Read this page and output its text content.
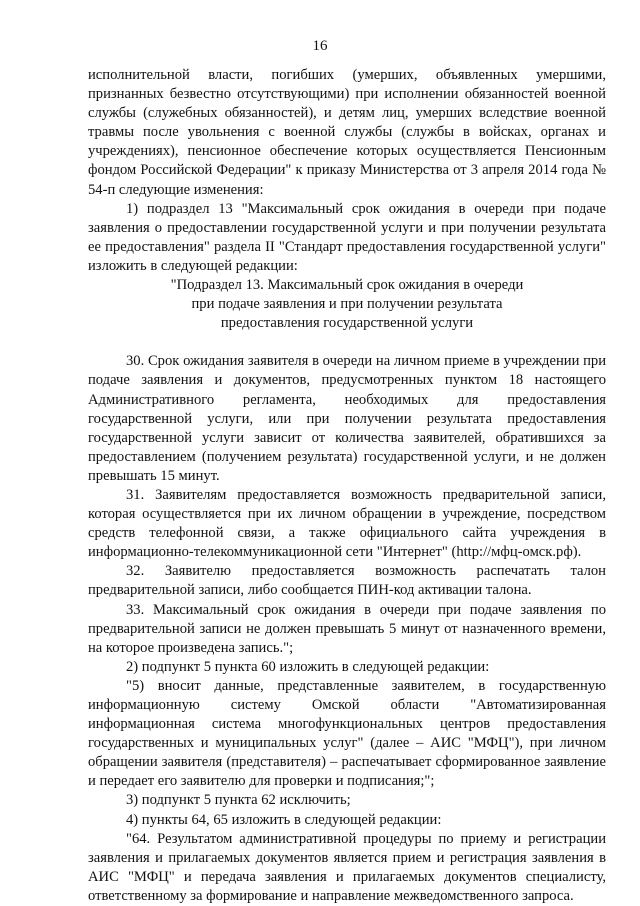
16

исполнительной власти, погибших (умерших, объявленных умершими, признанных безвестно отсутствующими) при исполнении обязанностей военной службы (служебных обязанностей), и детям лиц, умерших вследствие военной травмы после увольнения с военной службы (службы в войсках, органах и учреждениях), пенсионное обеспечение которых осуществляется Пенсионным фондом Российской Федерации" к приказу Министерства от 3 апреля 2014 года № 54-п следующие изменения:

1) подраздел 13 "Максимальный срок ожидания в очереди при подаче заявления о предоставлении государственной услуги и при получении результата ее предоставления" раздела II "Стандарт предоставления государственной услуги" изложить в следующей редакции:

"Подраздел 13. Максимальный срок ожидания в очереди

при подаче заявления и при получении результата

предоставления государственной услуги

30. Срок ожидания заявителя в очереди на личном приеме в учреждении при подаче заявления и документов, предусмотренных пунктом 18 настоящего Административного регламента, необходимых для предоставления государственной услуги, или при получении результата предоставления государственной услуги зависит от количества заявителей, обратившихся за предоставлением (получением результата) государственной услуги, и не должен превышать 15 минут.

31. Заявителям предоставляется возможность предварительной записи, которая осуществляется при их личном обращении в учреждение, посредством средств телефонной связи, а также официального сайта учреждения в информационно-телекоммуникационной сети "Интернет" (http://мфц-омск.рф).

32. Заявителю предоставляется возможность распечатать талон предварительной записи, либо сообщается ПИН-код активации талона.

33. Максимальный срок ожидания в очереди при подаче заявления по предварительной записи не должен превышать 5 минут от назначенного времени, на которое произведена запись.";

2) подпункт 5 пункта 60 изложить в следующей редакции:

"5) вносит данные, представленные заявителем, в государственную информационную систему Омской области "Автоматизированная информационная система многофункциональных центров предоставления государственных и муниципальных услуг" (далее – АИС "МФЦ"), при личном обращении заявителя (представителя) – распечатывает сформированное заявление и передает его заявителю для проверки и подписания;";

3) подпункт 5 пункта 62 исключить;

4) пункты 64, 65 изложить в следующей редакции:

"64. Результатом административной процедуры по приему и регистрации заявления и прилагаемых документов является прием и регистрация заявления в АИС "МФЦ" и передача заявления и прилагаемых документов специалисту, ответственному за формирование и направление межведомственного запроса.
